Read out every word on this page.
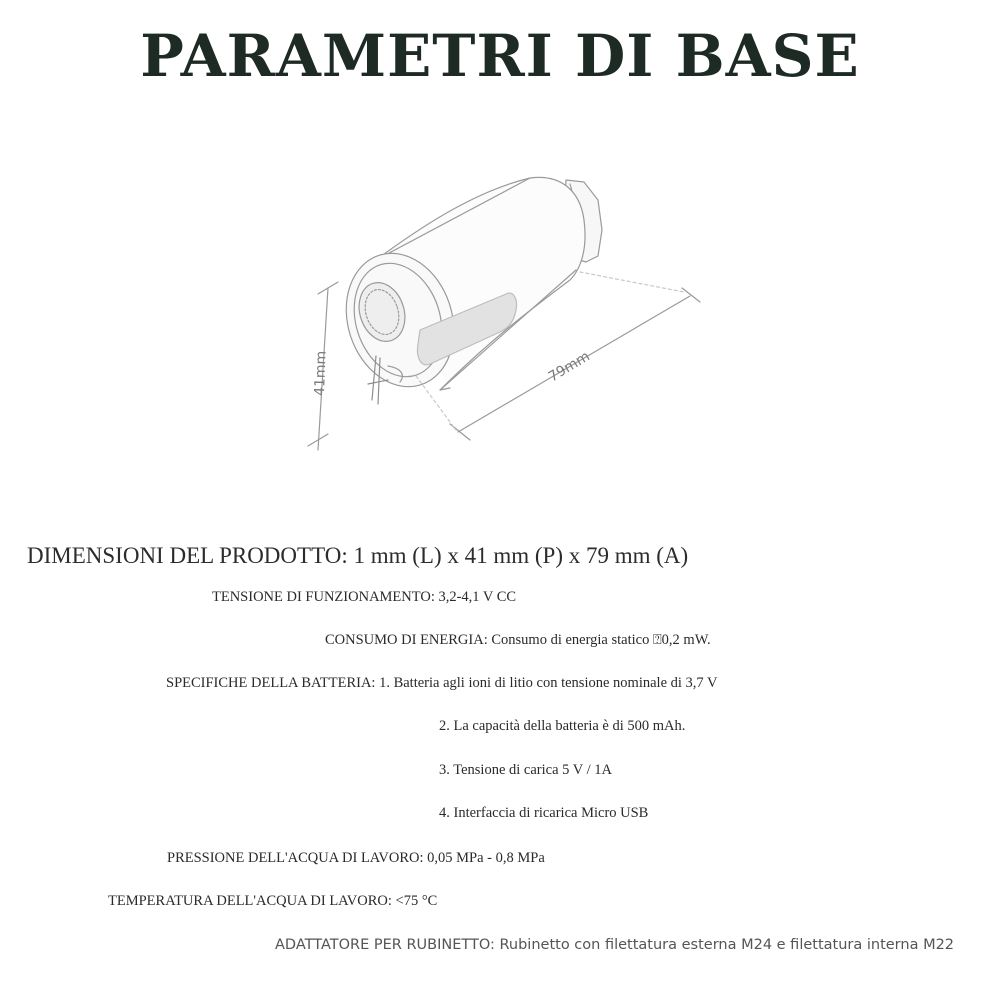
PARAMETRI DI BASE
41mm	79mm
DIMENSIONI DEL PRODOTTO: 1 mm (L) x 41 mm (P) x 79 mm (A)
TENSIONE DI FUNZIONAMENTO: 3,2-4,1 V CC
CONSUMO DI ENERGIA: Consumo di energia statico ⍰0,2 mW.
SPECIFICHE DELLA BATTERIA: 1. Batteria agli ioni di litio con tensione nominale di 3,7 V
2. La capacità della batteria è di 500 mAh.
3. Tensione di carica 5 V / 1A
4. Interfaccia di ricarica Micro USB
PRESSIONE DELL'ACQUA DI LAVORO: 0,05 MPa - 0,8 MPa
TEMPERATURA DELL'ACQUA DI LAVORO: <75 °C
ADATTATORE PER RUBINETTO: Rubinetto con filettatura esterna M24 e filettatura interna M22
